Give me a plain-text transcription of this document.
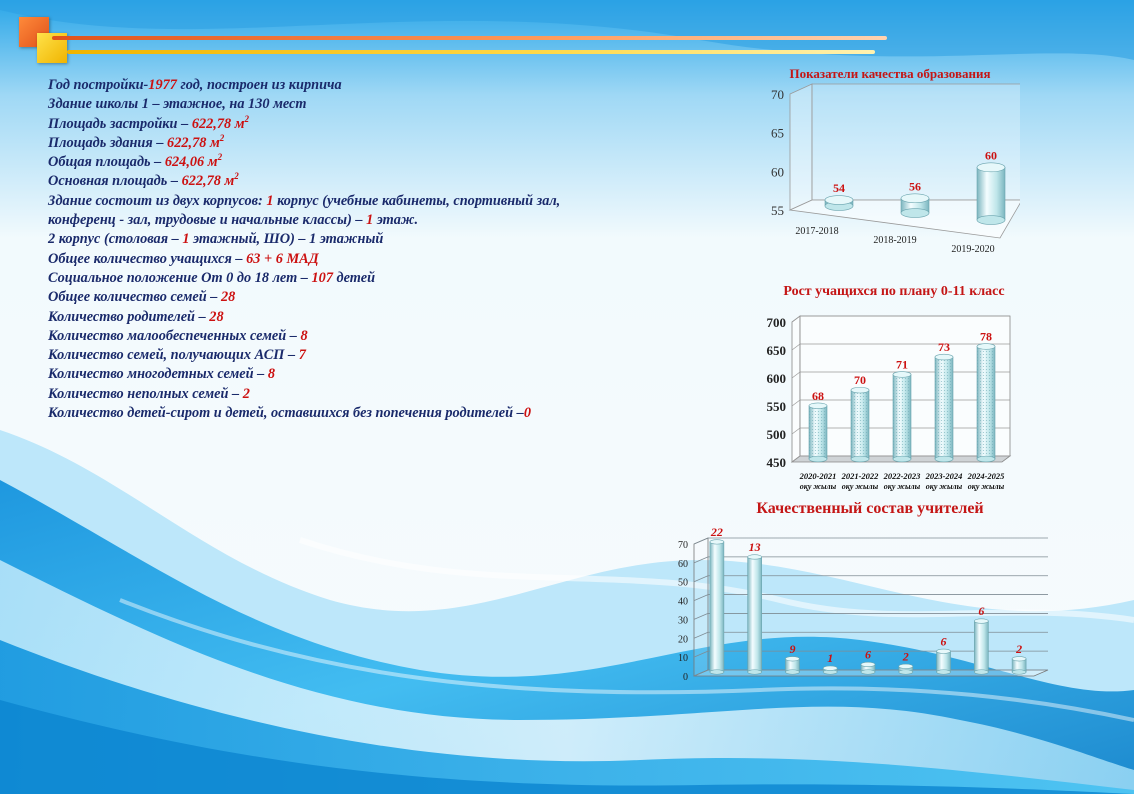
Год постройки-1977 год, построен из кирпича
Здание школы 1 – этажное, на 130 мест
Площадь застройки – 622,78 $м^2$
Площадь здания – 622,78 $м^2$
Общая площадь – 624,06 $м^2$
Основная площадь – 622,78 $м^2$
Здание состоит из двух корпусов: 1 корпус (учебные кабинеты, спортивный зал,
конференц - зал, трудовые и начальные классы) – 1 этаж.
2 корпус (столовая – 1 этажный, ШО) – 1 этажный
Общее количество учащихся – 63 + 6 МАД
Социальное положение От 0 до 18 лет – 107 детей
Общее количество семей – 28
Количество родителей – 28
Количество малообеспеченных семей – 8
Количество семей, получающих АСП – 7
Количество многодетных семей – 8
Количество неполных семей – 2
Количество детей-сирот и детей, оставшихся без попечения родителей –0
Показатели качества образования
55
60
65
70
54
2017-2018
56
2018-2019
60
2019-2020
Рост учащихся по плану 0-11 класс
450
500
550
600
650
700
68
2020-2021
оқу жылы
70
2021-2022
оқу жылы
71
2022-2023
оқу жылы
73
2023-2024
оқу жылы
78
2024-2025
оқу жылы
Качественный состав учителей
0
10
20
30
40
50
60
70
22
13
9
1	6	2
6
6
2
